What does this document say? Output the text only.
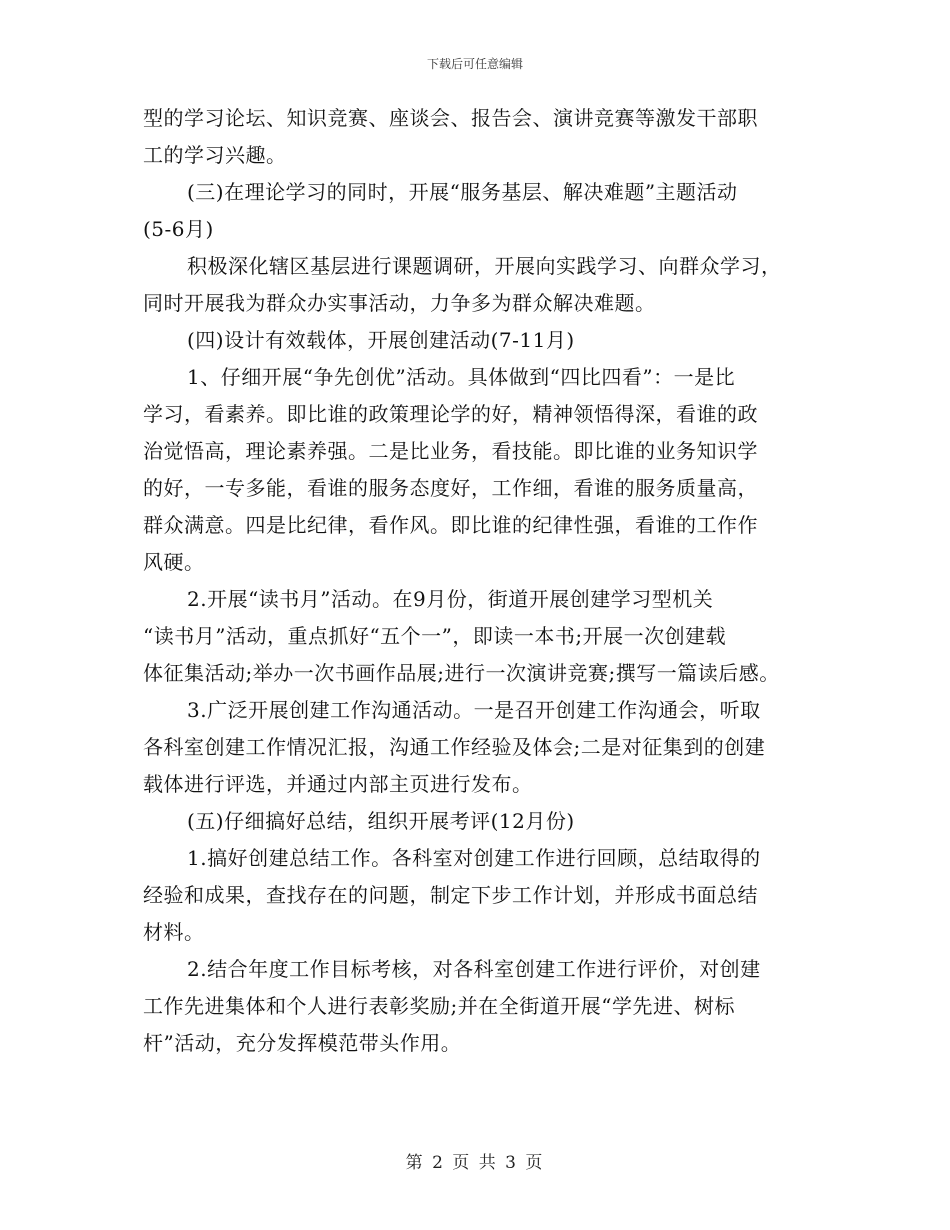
下载后可任意编辑
型的学习论坛、知识竞赛、座谈会、报告会、演讲竞赛等激发干部职
工的学习兴趣。
(三)在理论学习的同时，开展“服务基层、解决难题”主题活动
(5-6月)
积极深化辖区基层进行课题调研，开展向实践学习、向群众学习，
同时开展我为群众办实事活动，力争多为群众解决难题。
(四)设计有效载体，开展创建活动(7-11月)
1、仔细开展“争先创优”活动。具体做到“四比四看”：一是比
学习，看素养。即比谁的政策理论学的好，精神领悟得深，看谁的政
治觉悟高，理论素养强。二是比业务，看技能。即比谁的业务知识学
的好，一专多能，看谁的服务态度好，工作细，看谁的服务质量高，
群众满意。四是比纪律，看作风。即比谁的纪律性强，看谁的工作作
风硬。
2.开展“读书月”活动。在9月份，街道开展创建学习型机关
“读书月”活动，重点抓好“五个一”，即读一本书;开展一次创建载
体征集活动;举办一次书画作品展;进行一次演讲竞赛;撰写一篇读后感。
3.广泛开展创建工作沟通活动。一是召开创建工作沟通会，听取
各科室创建工作情况汇报，沟通工作经验及体会;二是对征集到的创建
载体进行评选，并通过内部主页进行发布。
(五)仔细搞好总结，组织开展考评(12月份)
1.搞好创建总结工作。各科室对创建工作进行回顾，总结取得的
经验和成果，查找存在的问题，制定下步工作计划，并形成书面总结
材料。
2.结合年度工作目标考核，对各科室创建工作进行评价，对创建
工作先进集体和个人进行表彰奖励;并在全街道开展“学先进、树标
杆”活动，充分发挥模范带头作用。
第 2 页 共 3 页
